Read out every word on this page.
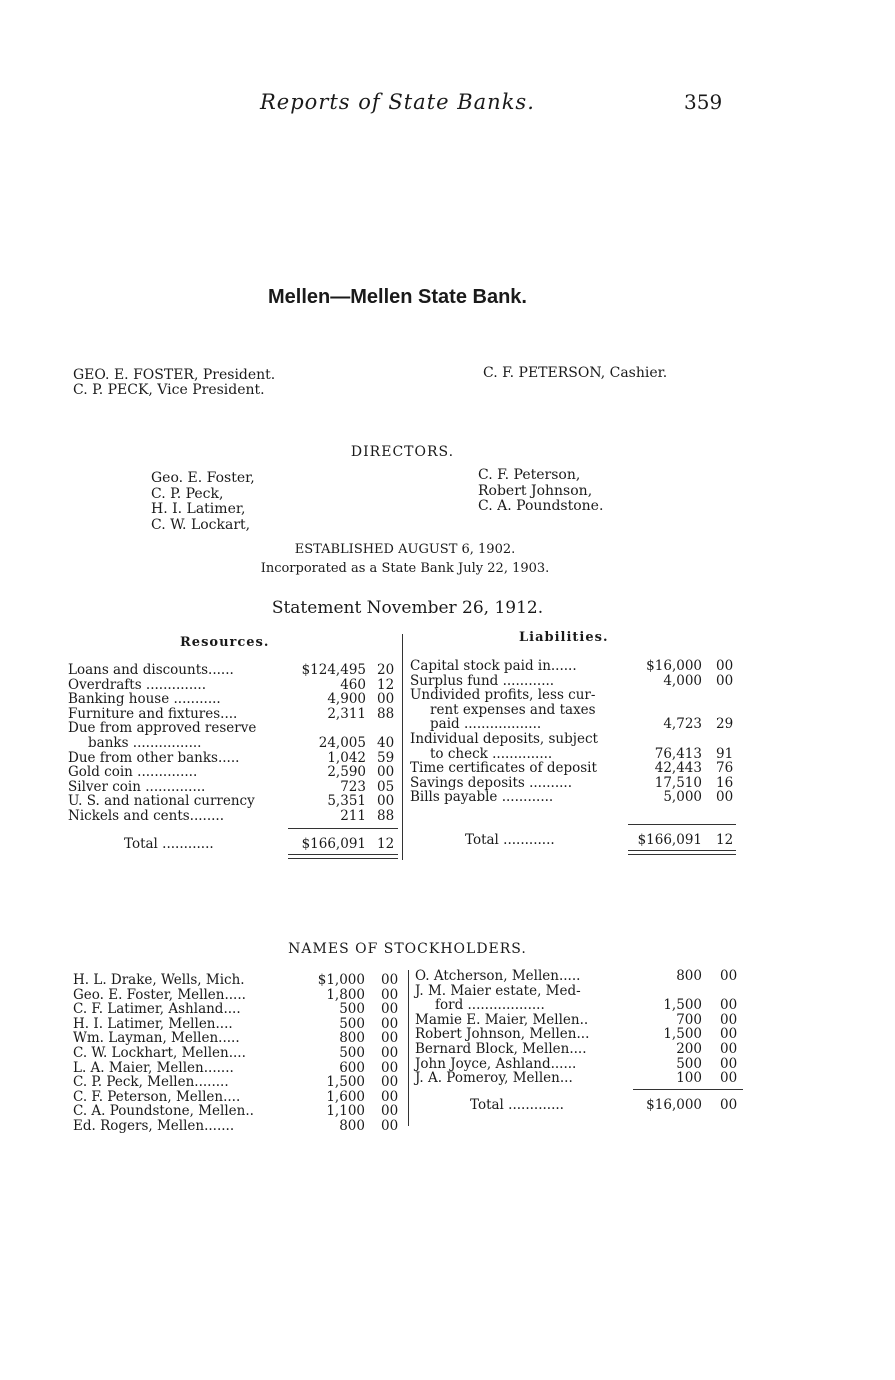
Reports of State Banks.	359
Mellen—Mellen State Bank.
GEO. E. FOSTER, President.
C. P. PECK, Vice President.
C. F. PETERSON, Cashier.
DIRECTORS.
Geo. E. Foster,
C. P. Peck,
H. I. Latimer,
C. W. Lockart,
C. F. Peterson,
Robert Johnson,
C. A. Poundstone.
ESTABLISHED AUGUST 6, 1902.
Incorporated as a State Bank July 22, 1903.
Statement November 26, 1912.
Resources.	Liabilities.
Loans and discounts......	$124,495 20
Overdrafts ..............	460 12
Banking house ...........	4,900 00
Furniture and fixtures....	2,311 88
Due from approved reserve
banks ................	24,005 40
Due from other banks.....	1,042 59
Gold coin ..............	2,590 00
Silver coin ..............	723 05
U. S. and national currency	5,351 00
Nickels and cents........	211 88
Total ............	$166,091 12
Capital stock paid in......	$16,000 00
Surplus fund ............	4,000 00
Undivided profits, less cur-
rent expenses and taxes
paid ..................	4,723 29
Individual deposits, subject
to check ..............	76,413 91
Time certificates of deposit	42,443 76
Savings deposits ..........	17,510 16
Bills payable ............	5,000 00
Total ............	$166,091 12
NAMES OF STOCKHOLDERS.
H. L. Drake, Wells, Mich.	$1,000 00
Geo. E. Foster, Mellen.....	1,800 00
C. F. Latimer, Ashland....	500 00
H. I. Latimer, Mellen....	500 00
Wm. Layman, Mellen.....	800 00
C. W. Lockhart, Mellen....	500 00
L. A. Maier, Mellen.......	600 00
C. P. Peck, Mellen........	1,500 00
C. F. Peterson, Mellen....	1,600 00
C. A. Poundstone, Mellen..	1,100 00
Ed. Rogers, Mellen.......	800 00
O. Atcherson, Mellen.....	800 00
J. M. Maier estate, Med-
ford ..................	1,500 00
Mamie E. Maier, Mellen..	700 00
Robert Johnson, Mellen...	1,500 00
Bernard Block, Mellen....	200 00
John Joyce, Ashland......	500 00
J. A. Pomeroy, Mellen...	100 00
Total .............	$16,000 00
